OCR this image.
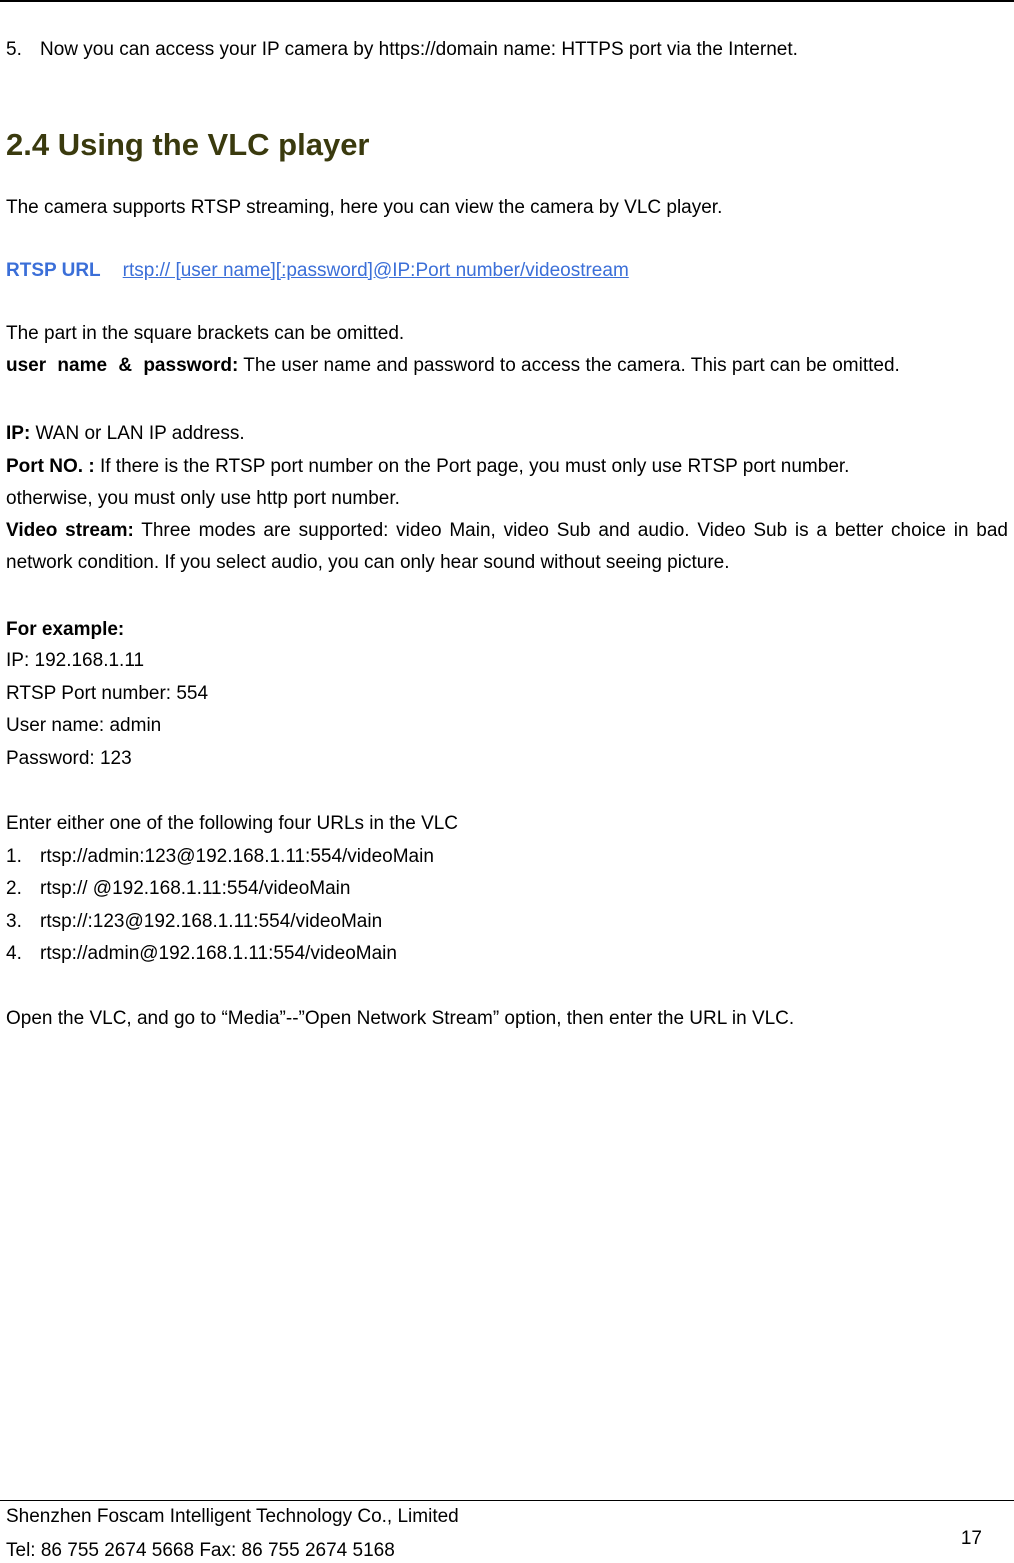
5. Now you can access your IP camera by https://domain name: HTTPS port via the Internet.
2.4 Using the VLC player
The camera supports RTSP streaming, here you can view the camera by VLC player.
RTSP URL rtsp:// [user name][:password]@IP:Port number/videostream
The part in the square brackets can be omitted.
user name & password: The user name and password to access the camera. This part can be omitted.
IP: WAN or LAN IP address.
Port NO. : If there is the RTSP port number on the Port page, you must only use RTSP port number.
otherwise, you must only use http port number.
Video stream: Three modes are supported: video Main, video Sub and audio. Video Sub is a better choice in bad network condition. If you select audio, you can only hear sound without seeing picture.
For example:
IP: 192.168.1.11
RTSP Port number: 554
User name: admin
Password: 123
Enter either one of the following four URLs in the VLC
1. rtsp://admin:123@192.168.1.11:554/videoMain
2. rtsp:// @192.168.1.11:554/videoMain
3. rtsp://:123@192.168.1.11:554/videoMain
4. rtsp://admin@192.168.1.11:554/videoMain
Open the VLC, and go to “Media”--”Open Network Stream” option, then enter the URL in VLC.
Shenzhen Foscam Intelligent Technology Co., Limited
Tel: 86 755 2674 5668 Fax: 86 755 2674 5168
17
